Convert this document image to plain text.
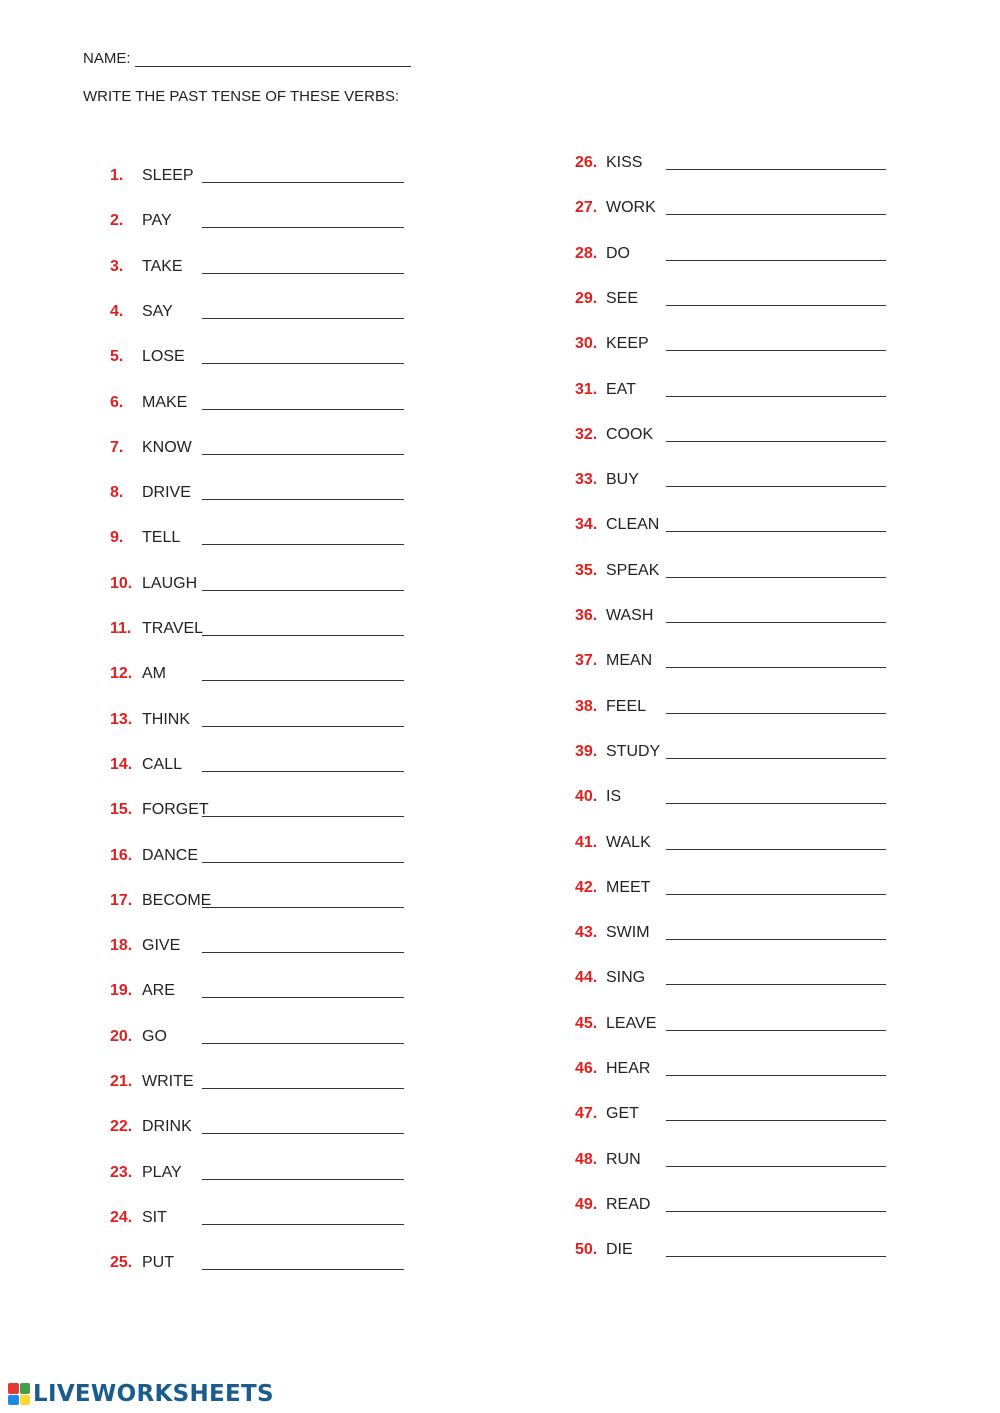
NAME:
WRITE THE PAST TENSE OF THESE VERBS:
1.	SLEEP
2.	PAY
3.	TAKE
4.	SAY
5.	LOSE
6.	MAKE
7.	KNOW
8.	DRIVE
9.	TELL
10. LAUGH
11. TRAVEL
12. AM
13. THINK
14. CALL
15. FORGET
16. DANCE
17. BECOME
18. GIVE
19. ARE
20. GO
21. WRITE
22. DRINK
23. PLAY
24. SIT
25. PUT
26. KISS
27. WORK
28. DO
29. SEE
30. KEEP
31. EAT
32. COOK
33. BUY
34. CLEAN
35. SPEAK
36. WASH
37. MEAN
38. FEEL
39. STUDY
40. IS
41. WALK
42. MEET
43. SWIM
44. SING
45. LEAVE
46. HEAR
47. GET
48. RUN
49. READ
50. DIE
LIVEWORKSHEETS
